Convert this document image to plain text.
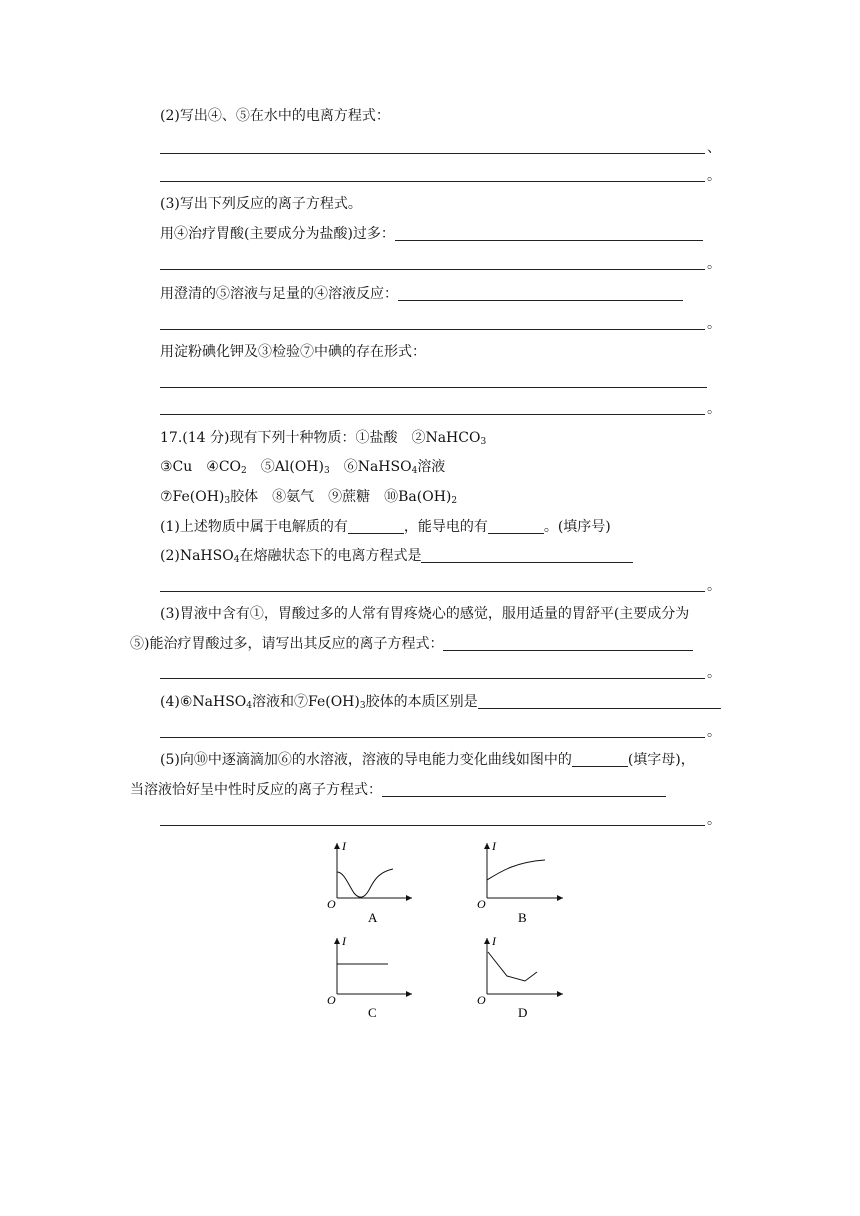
(2)写出④、⑤在水中的电离方程式：
、
。
(3)写出下列反应的离子方程式。
用④治疗胃酸(主要成分为盐酸)过多：
。
用澄清的⑤溶液与足量的④溶液反应：
。
用淀粉碘化钾及③检验⑦中碘的存在形式：
。
17.(14 分)现有下列十种物质：①盐酸　②NaHCO$_3$
③Cu　$④CO_2$　$⑤Al(OH)_3$　⑥NaHSO$_4$溶液
$⑦Fe(OH)_3$胶体　⑧氨气　⑨蔗糖　$⑩Ba(OH)_2$
(1)上述物质中属于电解质的有	，能导电的有	。(填序号)
(2)NaHSO$_4$在熔融状态下的电离方程式是
。
(3)胃液中含有①，胃酸过多的人常有胃疼烧心的感觉，服用适量的胃舒平(主要成分为
⑤)能治疗胃酸过多，请写出其反应的离子方程式：
。
(4)⑥NaHSO$_4$溶液和$⑦Fe(OH)_3$胶体的本质区别是
。
(5)向⑩中逐滴滴加⑥的水溶液，溶液的导电能力变化曲线如图中的	(填字母)，
当溶液恰好呈中性时反应的离子方程式：
。
I
O
A
I
O
B
I
O
C
I
O
D
